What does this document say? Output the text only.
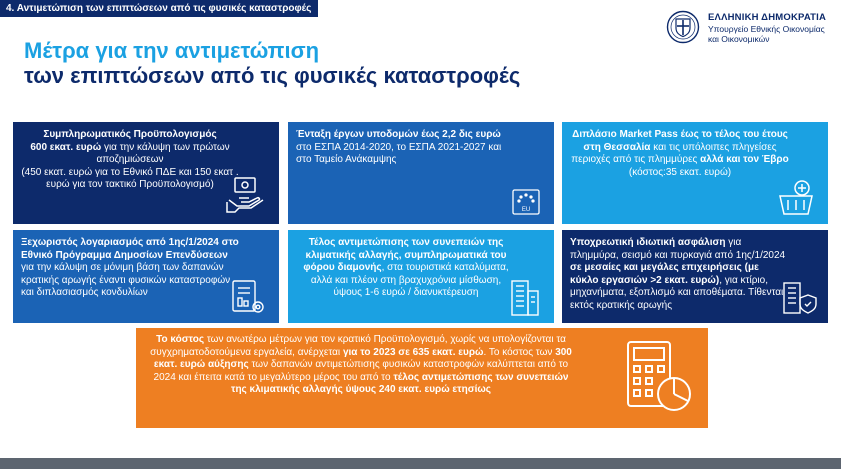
4. Αντιμετώπιση των επιπτώσεων από τις φυσικές καταστροφές
ΕΛΛΗΝΙΚΗ ΔΗΜΟΚΡΑΤΙΑ
Υπουργείο Εθνικής Οικονομίας
και Οικονομικών
Μέτρα για την αντιμετώπιση
των επιπτώσεων από τις φυσικές καταστροφές
Συμπληρωματικός Προϋπολογισμός
600 εκατ. ευρώ για την κάλυψη των πρώτων αποζημιώσεων
(450 εκατ. ευρώ για το Εθνικό ΠΔΕ και 150 εκατ . ευρώ για τον τακτικό Προϋπολογισμό)
Ένταξη έργων υποδομών έως 2,2 δις ευρώ στο ΕΣΠΑ 2014-2020, το ΕΣΠΑ 2021-2027 και στο Ταμείο Ανάκαμψης
EU
Διπλάσιο Market Pass έως το τέλος του έτους στη Θεσσαλία και τις υπόλοιπες πληγείσες περιοχές από τις πλημμύρες αλλά και τον Έβρο
(κόστος:35 εκατ. ευρώ)
Ξεχωριστός λογαριασμός από 1ης/1/2024 στο Εθνικό Πρόγραμμα Δημοσίων Επενδύσεων για την κάλυψη σε μόνιμη βάση των δαπανών κρατικής αρωγής έναντι φυσικών καταστροφών και διπλασιασμός κονδυλίων
Τέλος αντιμετώπισης των συνεπειών της κλιματικής αλλαγής, συμπληρωματικά του φόρου διαμονής, στα τουριστικά καταλύματα, αλλά και πλέον στη βραχυχρόνια μίσθωση,
ύψους 1-6 ευρώ / διανυκτέρευση
Υποχρεωτική ιδιωτική ασφάλιση για πλημμύρα, σεισμό και πυρκαγιά από 1ης/1/2024 σε μεσαίες και μεγάλες επιχειρήσεις (με κύκλο εργασιών >2 εκατ. ευρώ), για κτίριο, μηχανήματα, εξοπλισμό και αποθέματα. Τίθενται εκτός κρατικής αρωγής
Το κόστος των ανωτέρω μέτρων για τον κρατικό Προϋπολογισμό, χωρίς να υπολογίζονται τα συγχρηματοδοτούμενα εργαλεία, ανέρχεται για το 2023 σε 635 εκατ. ευρώ. Το κόστος των 300 εκατ. ευρώ αύξησης των δαπανών αντιμετώπισης φυσικών καταστροφών καλύπτεται από το 2024 και έπειτα κατά το μεγαλύτερο μέρος του από το τέλος αντιμετώπισης των συνεπειών της κλιματικής αλλαγής ύψους 240 εκατ. ευρώ ετησίως
